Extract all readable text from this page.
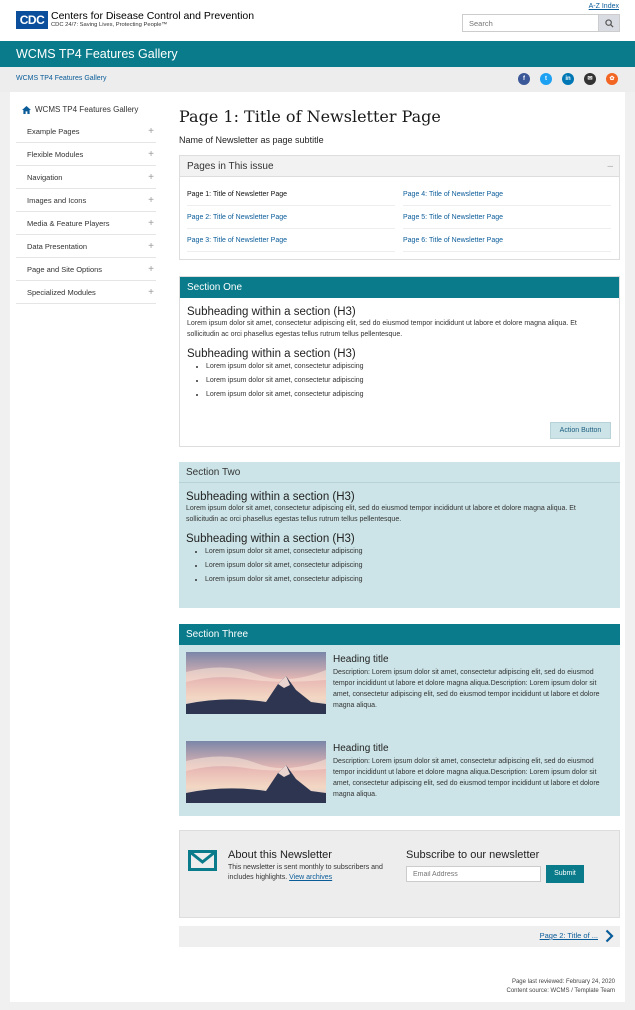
CDC Centers for Disease Control and Prevention
CDC 24/7: Saving Lives, Protecting People™
A-Z Index
Search
WCMS TP4 Features Gallery
WCMS TP4 Features Gallery	f	t	in	✉	✿
WCMS TP4 Features Gallery
Example Pages	+
Flexible Modules	+
Navigation	+
Images and Icons	+
Media & Feature Players	+
Data Presentation	+
Page and Site Options	+
Specialized Modules	+
Page 1: Title of Newsletter Page
Name of Newsletter as page subtitle
Pages in This issue	–
Page 1: Title of Newsletter Page
Page 2: Title of Newsletter Page
Page 3: Title of Newsletter Page
Page 4: Title of Newsletter Page
Page 5: Title of Newsletter Page
Page 6: Title of Newsletter Page
Section One
Subheading within a section (H3)
Lorem ipsum dolor sit amet, consectetur adipiscing elit, sed do eiusmod tempor incididunt ut labore et dolore magna aliqua. Et sollicitudin ac orci phasellus egestas tellus rutrum tellus pellentesque.
Subheading within a section (H3)
• Lorem ipsum dolor sit amet, consectetur adipiscing
• Lorem ipsum dolor sit amet, consectetur adipiscing
• Lorem ipsum dolor sit amet, consectetur adipiscing
Action Button
Section Two
Subheading within a section (H3)
Lorem ipsum dolor sit amet, consectetur adipiscing elit, sed do eiusmod tempor incididunt ut labore et dolore magna aliqua. Et sollicitudin ac orci phasellus egestas tellus rutrum tellus pellentesque.
Subheading within a section (H3)
• Lorem ipsum dolor sit amet, consectetur adipiscing
• Lorem ipsum dolor sit amet, consectetur adipiscing
• Lorem ipsum dolor sit amet, consectetur adipiscing
Section Three
Heading title
Description: Lorem ipsum dolor sit amet, consectetur adipiscing elit, sed do eiusmod tempor incididunt ut labore et dolore magna aliqua.Description: Lorem ipsum dolor sit amet, consectetur adipiscing elit, sed do eiusmod tempor incididunt ut labore et dolore magna aliqua.
Heading title
Description: Lorem ipsum dolor sit amet, consectetur adipiscing elit, sed do eiusmod tempor incididunt ut labore et dolore magna aliqua.Description: Lorem ipsum dolor sit amet, consectetur adipiscing elit, sed do eiusmod tempor incididunt ut labore et dolore magna aliqua.
About this Newsletter
This newsletter is sent monthly to subscribers and includes highlights. View archives
Subscribe to our newsletter
Email Address
Submit
Page 2: Title of ...
Page last reviewed: February 24, 2020
Content source: WCMS / Template Team
